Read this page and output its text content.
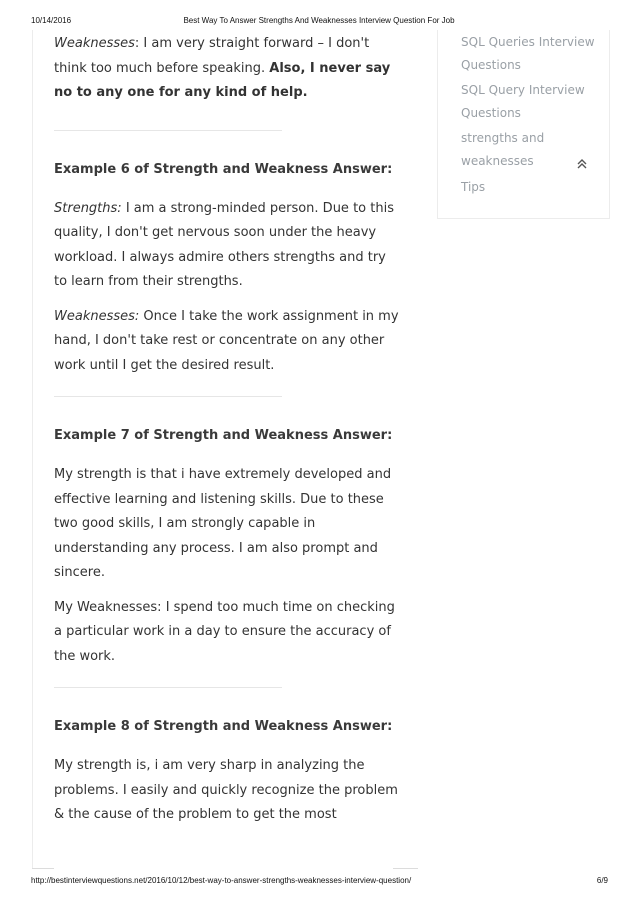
10/14/2016	Best Way To Answer Strengths And Weaknesses Interview Question For Job

Weaknesses: I am very straight forward – I don't think too much before speaking. Also, I never say no to any one for any kind of help.

Example 6 of Strength and Weakness Answer:

Strengths: I am a strong-minded person. Due to this quality, I don't get nervous soon under the heavy workload. I always admire others strengths and try to learn from their strengths.

Weaknesses: Once I take the work assignment in my hand, I don't take rest or concentrate on any other work until I get the desired result.

Example 7 of Strength and Weakness Answer:

My strength is that i have extremely developed and effective learning and listening skills. Due to these two good skills, I am strongly capable in understanding any process. I am also prompt and sincere.

My Weaknesses: I spend too much time on checking a particular work in a day to ensure the accuracy of the work.

Example 8 of Strength and Weakness Answer:

My strength is, i am very sharp in analyzing the problems. I easily and quickly recognize the problem & the cause of the problem to get the most

SQL Queries Interview Questions
SQL Query Interview Questions
strengths and weaknesses
Tips
http://bestinterviewquestions.net/2016/10/12/best-way-to-answer-strengths-weaknesses-interview-question/	6/9
